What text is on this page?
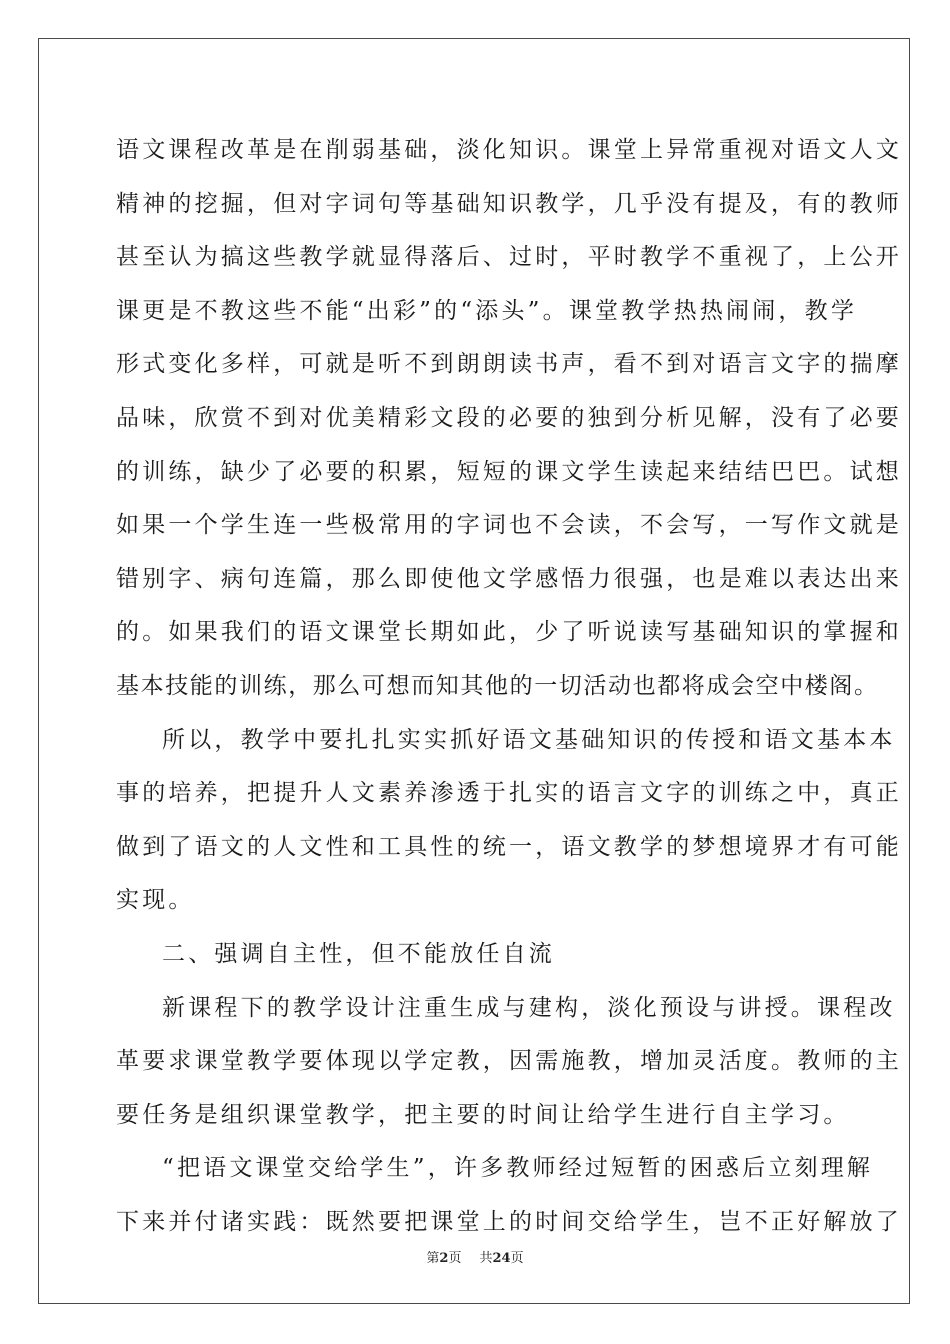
语文课程改革是在削弱基础，淡化知识。课堂上异常重视对语文人文
精神的挖掘，但对字词句等基础知识教学，几乎没有提及，有的教师
甚至认为搞这些教学就显得落后、过时，平时教学不重视了，上公开
课更是不教这些不能“出彩”的“添头”。课堂教学热热闹闹，教学
形式变化多样，可就是听不到朗朗读书声，看不到对语言文字的揣摩
品味，欣赏不到对优美精彩文段的必要的独到分析见解，没有了必要
的训练，缺少了必要的积累，短短的课文学生读起来结结巴巴。试想
如果一个学生连一些极常用的字词也不会读，不会写，一写作文就是
错别字、病句连篇，那么即使他文学感悟力很强，也是难以表达出来
的。如果我们的语文课堂长期如此，少了听说读写基础知识的掌握和
基本技能的训练，那么可想而知其他的一切活动也都将成会空中楼阁。
所以，教学中要扎扎实实抓好语文基础知识的传授和语文基本本
事的培养，把提升人文素养渗透于扎实的语言文字的训练之中，真正
做到了语文的人文性和工具性的统一，语文教学的梦想境界才有可能
实现。
二、强调自主性，但不能放任自流
新课程下的教学设计注重生成与建构，淡化预设与讲授。课程改
革要求课堂教学要体现以学定教，因需施教，增加灵活度。教师的主
要任务是组织课堂教学，把主要的时间让给学生进行自主学习。
“把语文课堂交给学生”，许多教师经过短暂的困惑后立刻理解
下来并付诸实践：既然要把课堂上的时间交给学生，岂不正好解放了
第2页 共24页
